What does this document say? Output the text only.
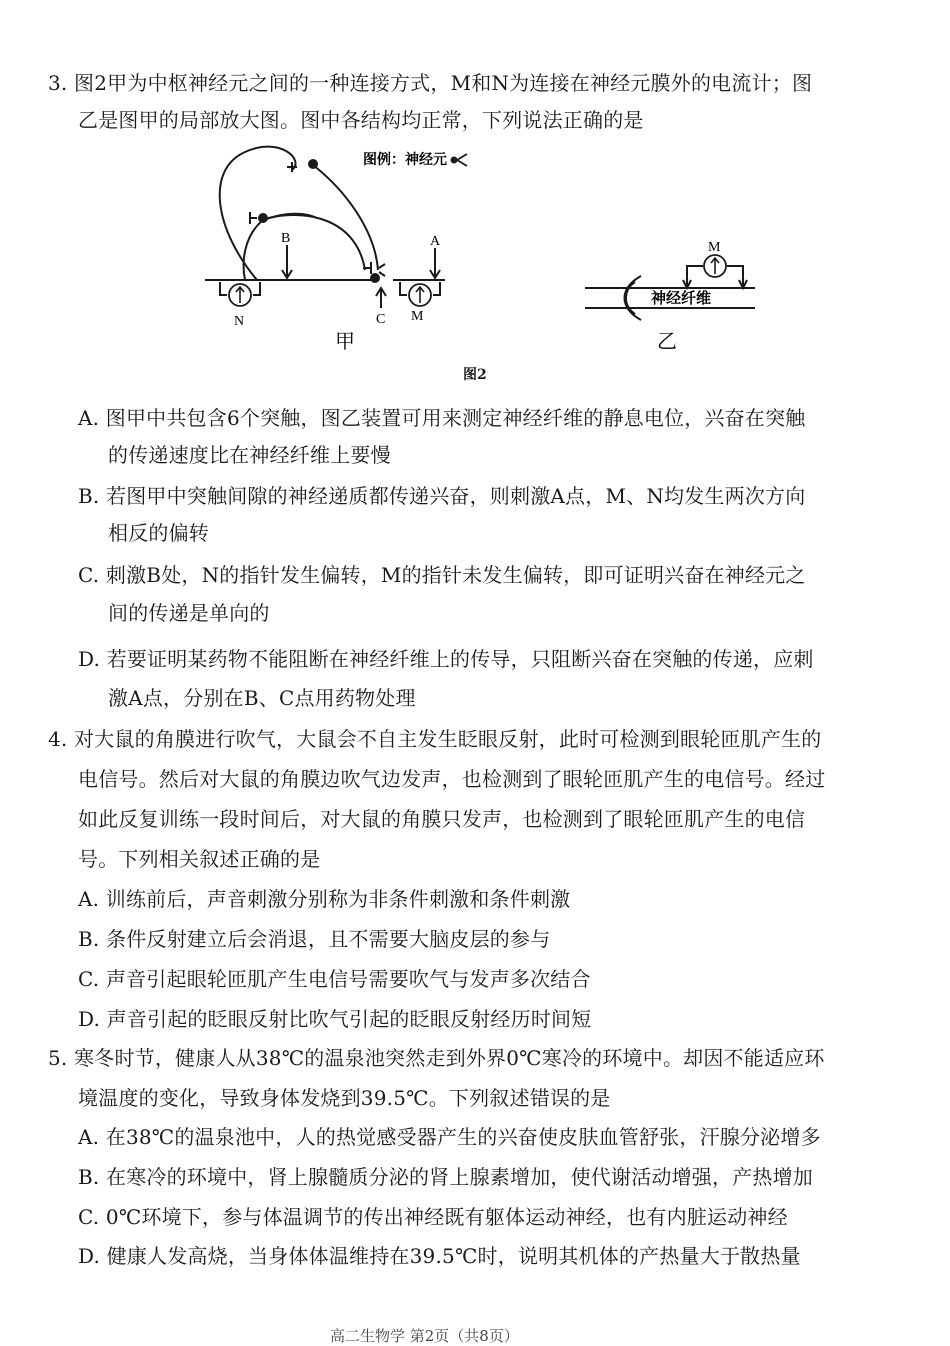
3. 图2甲为中枢神经元之间的一种连接方式，M和N为连接在神经元膜外的电流计；图
乙是图甲的局部放大图。图中各结构均正常，下列说法正确的是
图例：神经元
B	A
C
N	M
M
神经纤维
甲	乙
图2
A. 图甲中共包含6个突触，图乙装置可用来测定神经纤维的静息电位，兴奋在突触
的传递速度比在神经纤维上要慢
B. 若图甲中突触间隙的神经递质都传递兴奋，则刺激A点，M、N均发生两次方向
相反的偏转
C. 刺激B处，N的指针发生偏转，M的指针未发生偏转，即可证明兴奋在神经元之
间的传递是单向的
D. 若要证明某药物不能阻断在神经纤维上的传导，只阻断兴奋在突触的传递，应刺
激A点，分别在B、C点用药物处理
4. 对大鼠的角膜进行吹气，大鼠会不自主发生眨眼反射，此时可检测到眼轮匝肌产生的
电信号。然后对大鼠的角膜边吹气边发声，也检测到了眼轮匝肌产生的电信号。经过
如此反复训练一段时间后，对大鼠的角膜只发声，也检测到了眼轮匝肌产生的电信
号。下列相关叙述正确的是
A. 训练前后，声音刺激分别称为非条件刺激和条件刺激
B. 条件反射建立后会消退，且不需要大脑皮层的参与
C. 声音引起眼轮匝肌产生电信号需要吹气与发声多次结合
D. 声音引起的眨眼反射比吹气引起的眨眼反射经历时间短
5. 寒冬时节，健康人从38℃的温泉池突然走到外界0℃寒冷的环境中。却因不能适应环
境温度的变化，导致身体发烧到39.5℃。下列叙述错误的是
A. 在38℃的温泉池中，人的热觉感受器产生的兴奋使皮肤血管舒张，汗腺分泌增多
B. 在寒冷的环境中，肾上腺髓质分泌的肾上腺素增加，使代谢活动增强，产热增加
C. 0℃环境下，参与体温调节的传出神经既有躯体运动神经，也有内脏运动神经
D. 健康人发高烧，当身体体温维持在39.5℃时，说明其机体的产热量大于散热量
高二生物学 第2页（共8页）
